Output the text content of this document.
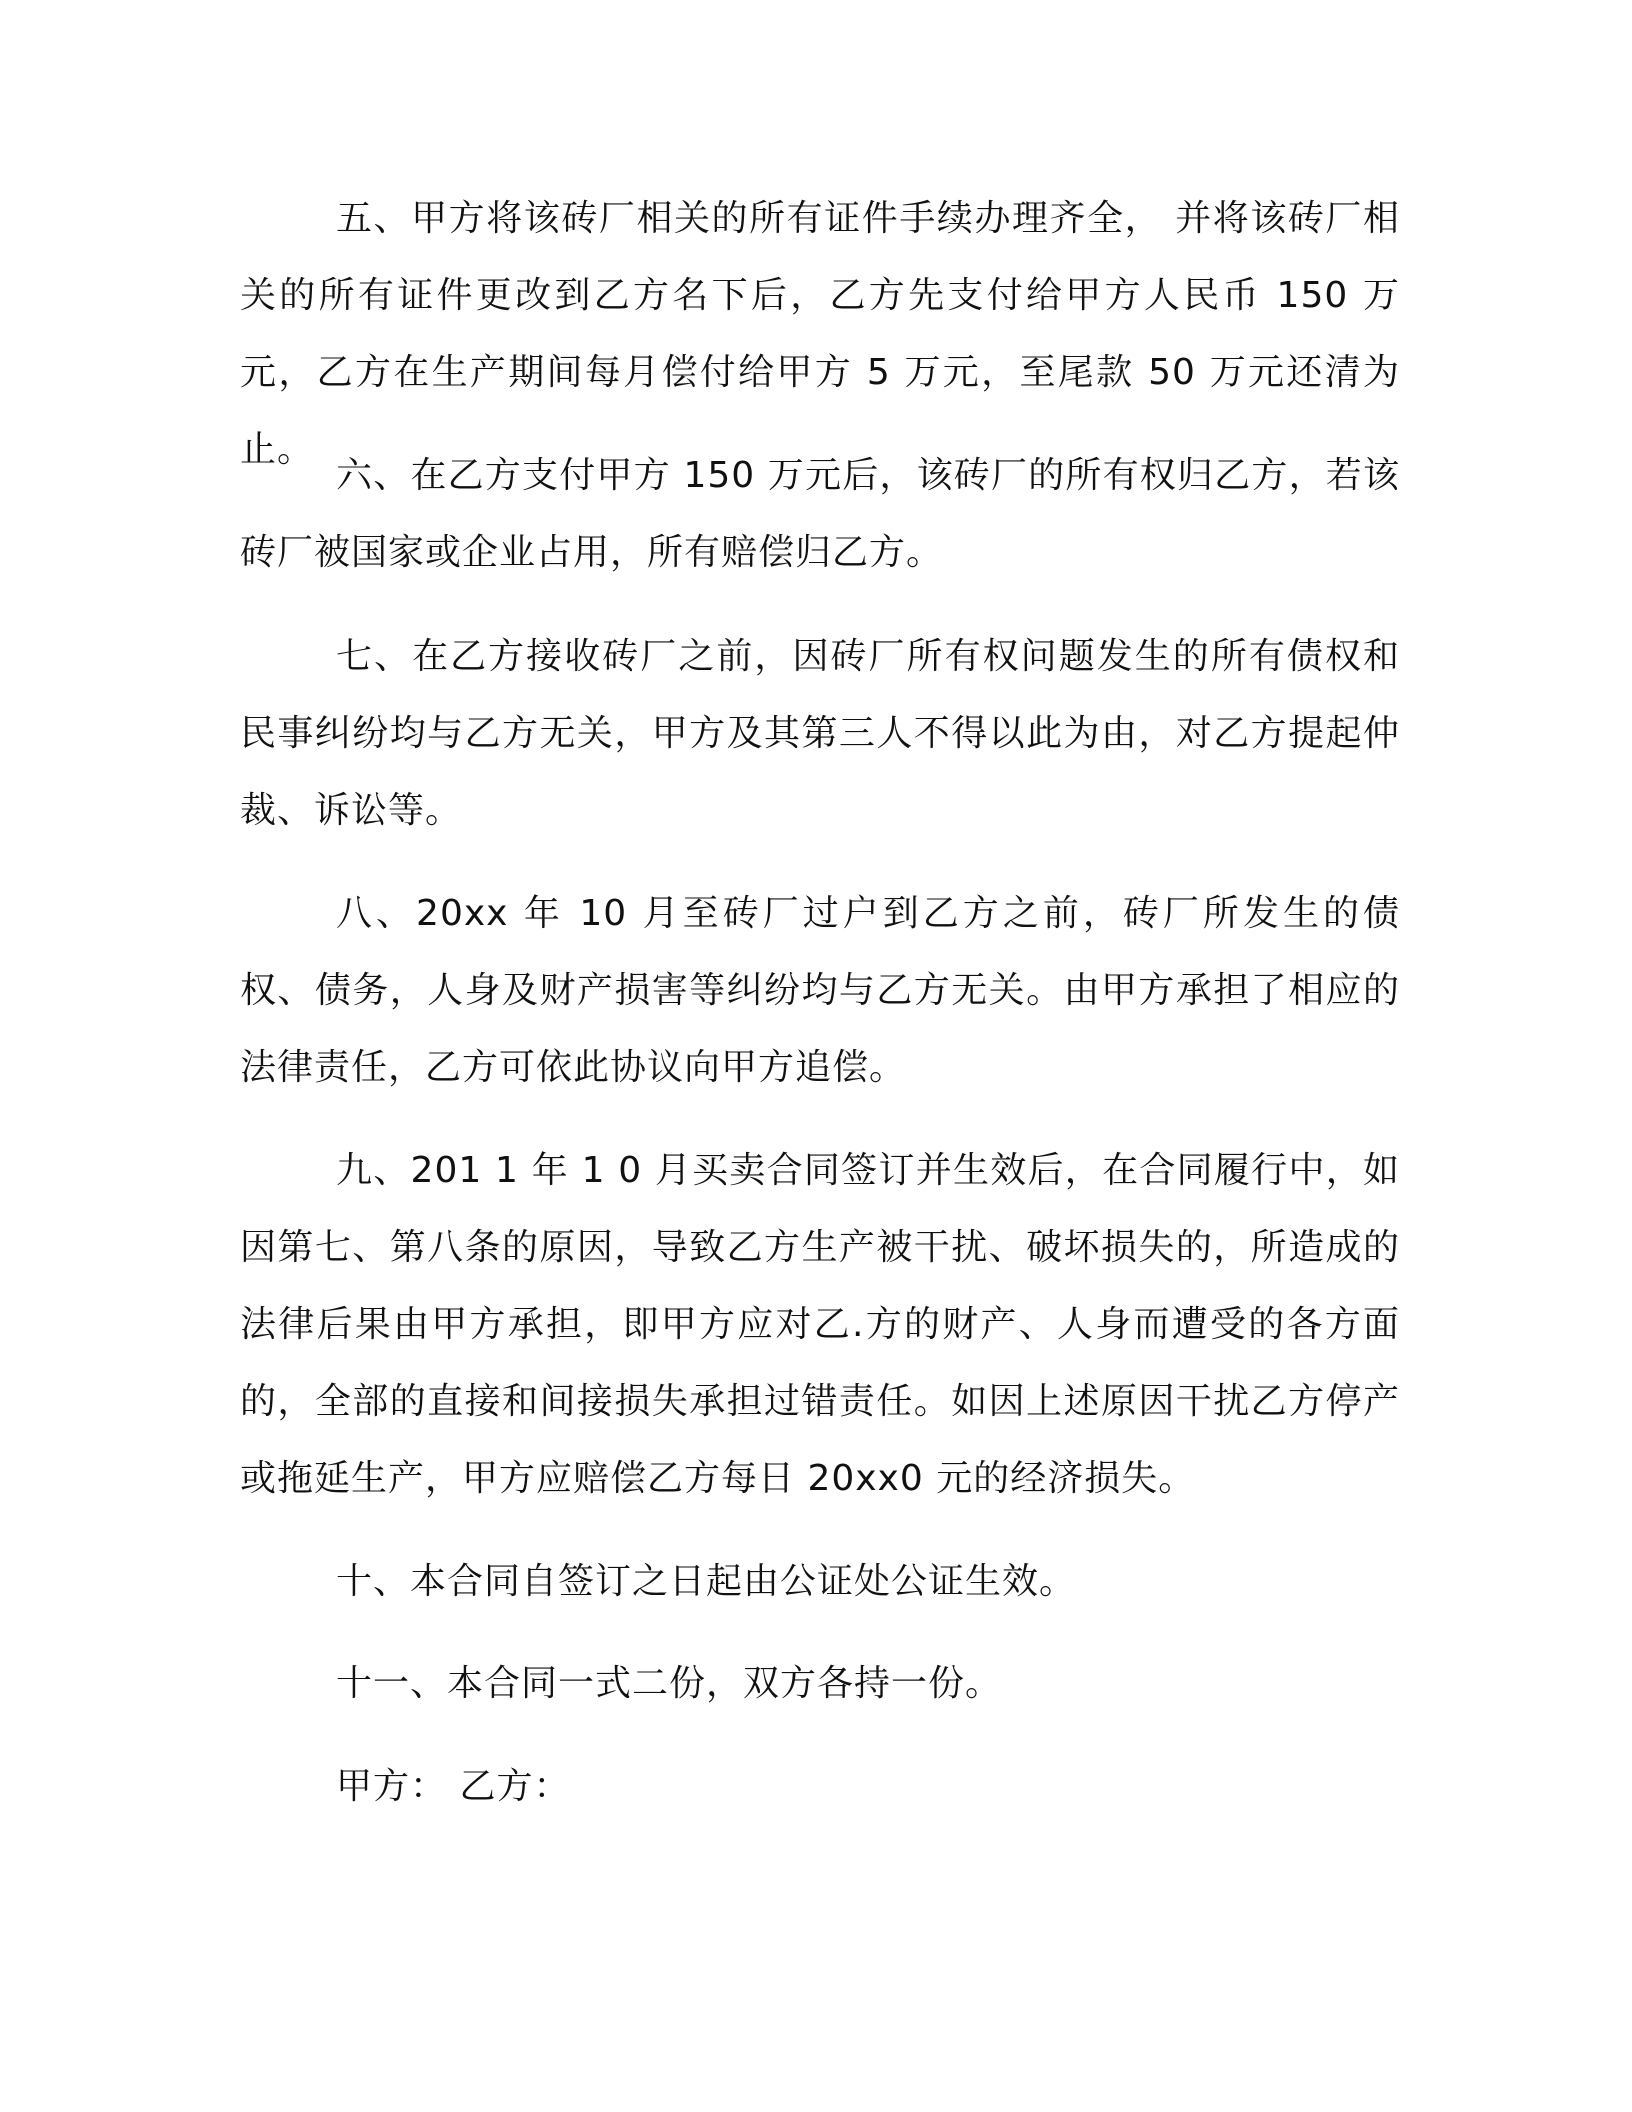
五、甲方将该砖厂相关的所有证件手续办理齐全， 并将该砖厂相关的所有证件更改到乙方名下后，乙方先支付给甲方人民币 150 万元，乙方在生产期间每月偿付给甲方 5 万元，至尾款 50 万元还清为止。

六、在乙方支付甲方 150 万元后，该砖厂的所有权归乙方，若该砖厂被国家或企业占用，所有赔偿归乙方。

七、在乙方接收砖厂之前，因砖厂所有权问题发生的所有债权和民事纠纷均与乙方无关，甲方及其第三人不得以此为由，对乙方提起仲裁、诉讼等。

八、20xx 年 10 月至砖厂过户到乙方之前，砖厂所发生的债权、债务，人身及财产损害等纠纷均与乙方无关。由甲方承担了相应的法律责任，乙方可依此协议向甲方追偿。

九、201 1 年 1 0 月买卖合同签订并生效后，在合同履行中，如因第七、第八条的原因，导致乙方生产被干扰、破坏损失的，所造成的法律后果由甲方承担，即甲方应对乙.方的财产、人身而遭受的各方面的，全部的直接和间接损失承担过错责任。如因上述原因干扰乙方停产或拖延生产，甲方应赔偿乙方每日 20xx0 元的经济损失。

十、本合同自签订之日起由公证处公证生效。

十一、本合同一式二份，双方各持一份。

甲方： 乙方：
